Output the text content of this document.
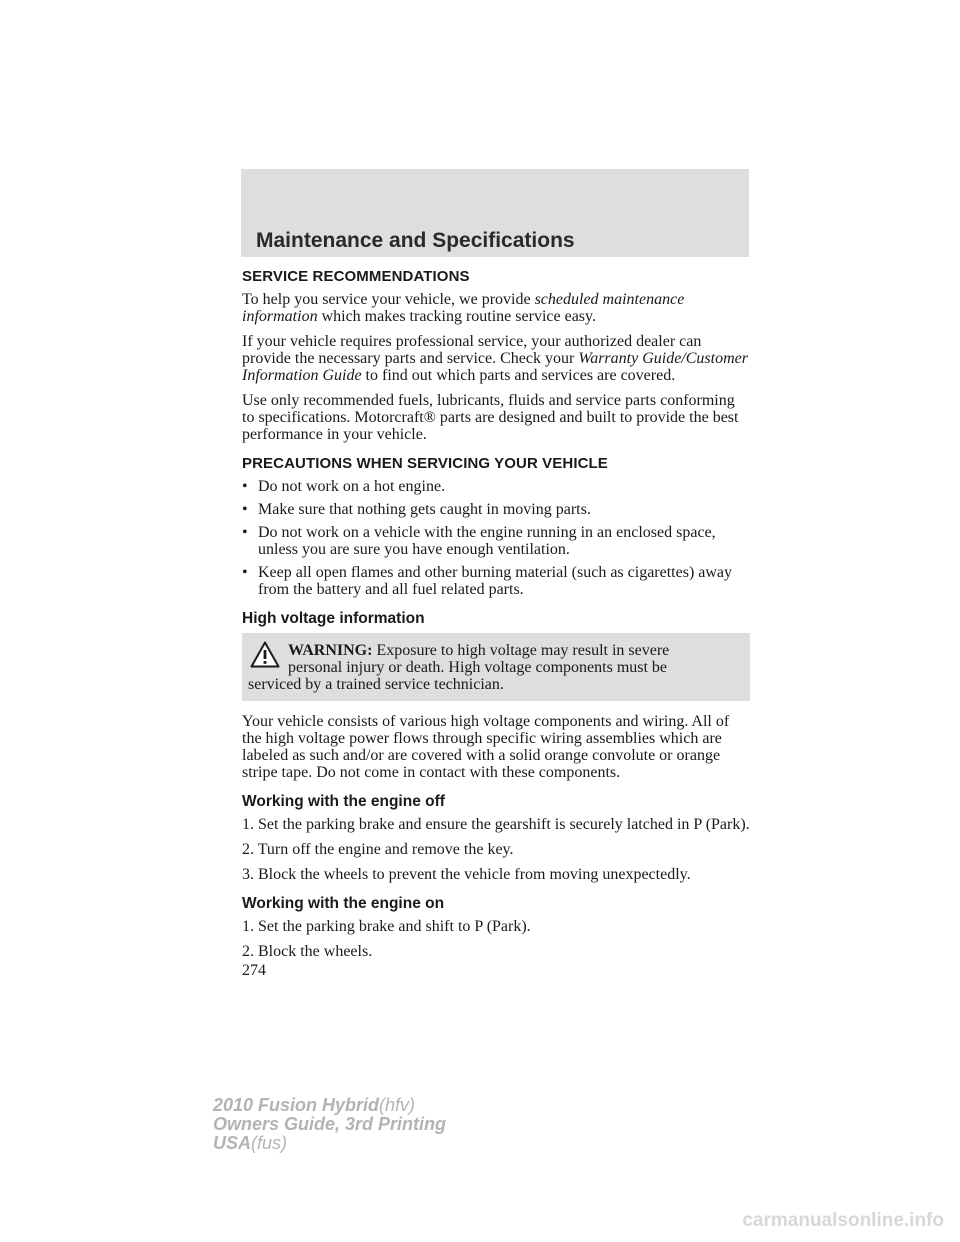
Maintenance and Specifications
SERVICE RECOMMENDATIONS

To help you service your vehicle, we provide scheduled maintenance information which makes tracking routine service easy.

If your vehicle requires professional service, your authorized dealer can provide the necessary parts and service. Check your Warranty Guide/Customer Information Guide to find out which parts and services are covered.

Use only recommended fuels, lubricants, fluids and service parts conforming to specifications. Motorcraft® parts are designed and built to provide the best performance in your vehicle.

PRECAUTIONS WHEN SERVICING YOUR VEHICLE
• Do not work on a hot engine.
• Make sure that nothing gets caught in moving parts.
• Do not work on a vehicle with the engine running in an enclosed space, unless you are sure you have enough ventilation.
• Keep all open flames and other burning material (such as cigarettes) away from the battery and all fuel related parts.
High voltage information
WARNING: Exposure to high voltage may result in severe
personal injury or death. High voltage components must be
serviced by a trained service technician.

Your vehicle consists of various high voltage components and wiring. All of the high voltage power flows through specific wiring assemblies which are labeled as such and/or are covered with a solid orange convolute or orange stripe tape. Do not come in contact with these components.

Working with the engine off

1. Set the parking brake and ensure the gearshift is securely latched in P (Park).

2. Turn off the engine and remove the key.

3. Block the wheels to prevent the vehicle from moving unexpectedly.

Working with the engine on

1. Set the parking brake and shift to P (Park).

2. Block the wheels.

274
2010 Fusion Hybrid(hfv)
Owners Guide, 3rd Printing
USA(fus)
carmanualsonline.info
